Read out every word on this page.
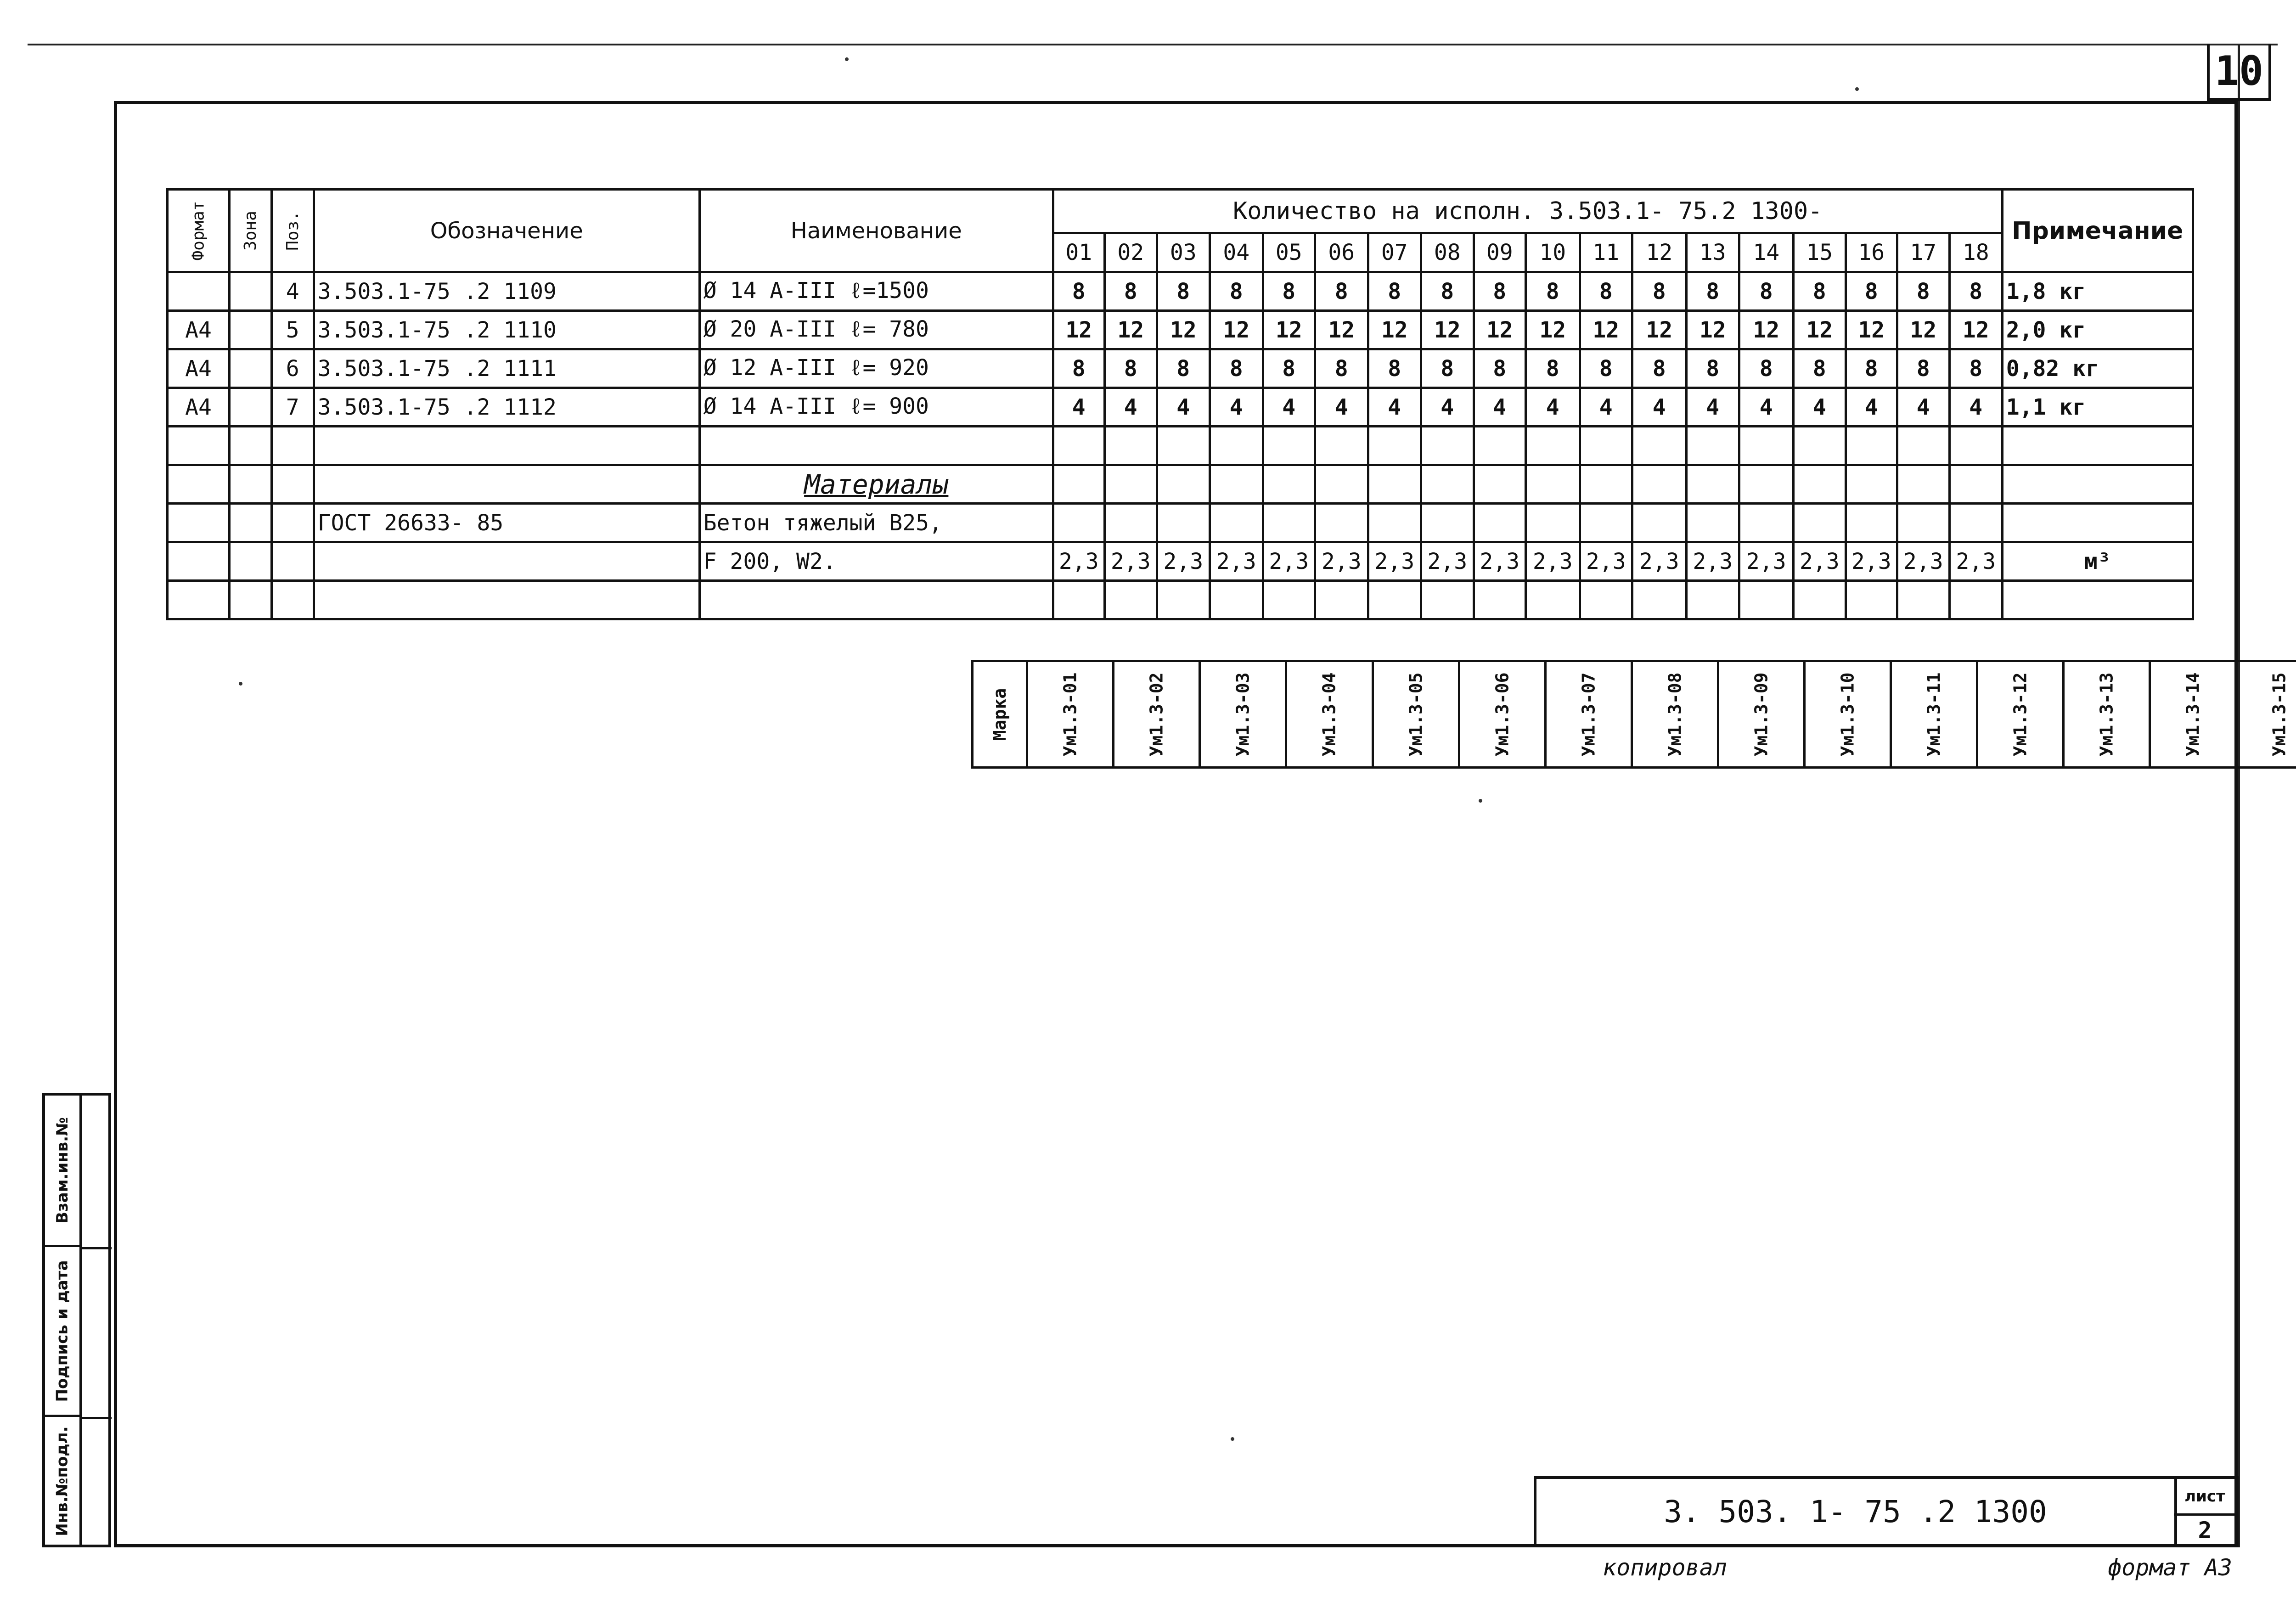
10
Формат	Зона	Поз.	Обозначение	Наименование	Количество на исполн. 3.503.1- 75.2 1300-																		Примечание
					01	02	03	04	05	06	07	08	09	10	11	12	13	14	15	16	17	18	
		4	3.503.1-75 .2 1109	Ø 14 А-III ℓ=1500	8	8	8	8	8	8	8	8	8	8	8	8	8	8	8	8	8	8	1,8 кг
А4		5	3.503.1-75 .2 1110	Ø 20 А-III ℓ= 780	12	12	12	12	12	12	12	12	12	12	12	12	12	12	12	12	12	12	2,0 кг
А4		6	3.503.1-75 .2 1111	Ø 12 А-III ℓ= 920	8	8	8	8	8	8	8	8	8	8	8	8	8	8	8	8	8	8	0,82 кг
А4		7	3.503.1-75 .2 1112	Ø 14 А-III ℓ= 900	4	4	4	4	4	4	4	4	4	4	4	4	4	4	4	4	4	4	1,1 кг

				Материалы																			
			ГОСТ 26633- 85	Бетон тяжелый В25,																			
				F 200, W2.	2,3	2,3	2,3	2,3	2,3	2,3	2,3	2,3	2,3	2,3	2,3	2,3	2,3	2,3	2,3	2,3	2,3	2,3	м³

Марка	Ум1.3-01	Ум1.3-02	Ум1.3-03	Ум1.3-04	Ум1.3-05	Ум1.3-06	Ум1.3-07	Ум1.3-08	Ум1.3-09	Ум1.3-10	Ум1.3-11	Ум1.3-12	Ум1.3-13	Ум1.3-14	Ум1.3-15

Взам.инв.№
Подпись и дата
Инв.№подл.	3. 503. 1- 75 .2 1300	лист
2
копировал	формат А3
